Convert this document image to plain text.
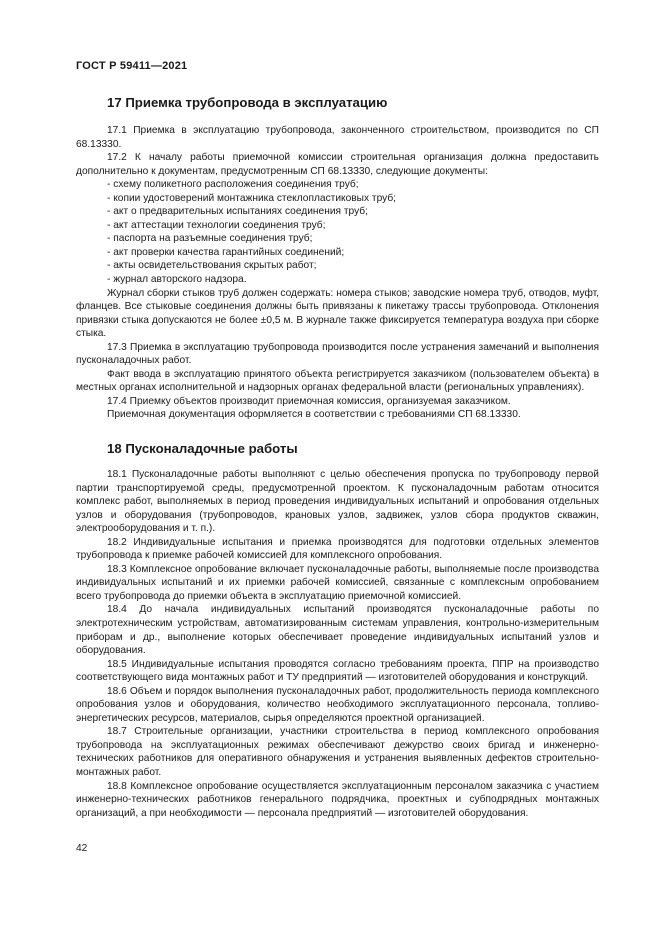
ГОСТ Р 59411—2021
17 Приемка трубопровода в эксплуатацию

17.1 Приемка в эксплуатацию трубопровода, законченного строительством, производится по СП 68.13330.

17.2 К началу работы приемочной комиссии строительная организация должна предоставить дополнительно к документам, предусмотренным СП 68.13330, следующие документы:

- схему поликетного расположения соединения труб;
- копии удостоверений монтажника стеклопластиковых труб;
- акт о предварительных испытаниях соединения труб;
- акт аттестации технологии соединения труб;
- паспорта на разъемные соединения труб;
- акт проверки качества гарантийных соединений;
- акты освидетельствования скрытых работ;
- журнал авторского надзора.

Журнал сборки стыков труб должен содержать: номера стыков; заводские номера труб, отводов, муфт, фланцев. Все стыковые соединения должны быть привязаны к пикетажу трассы трубопровода. Отклонения привязки стыка допускаются не более ±0,5 м. В журнале также фиксируется температура воздуха при сборке стыка.

17.3 Приемка в эксплуатацию трубопровода производится после устранения замечаний и выполнения пусконаладочных работ.

Факт ввода в эксплуатацию принятого объекта регистрируется заказчиком (пользователем объекта) в местных органах исполнительной и надзорных органах федеральной власти (региональных управлениях).

17.4 Приемку объектов производит приемочная комиссия, организуемая заказчиком.

Приемочная документация оформляется в соответствии с требованиями СП 68.13330.

18 Пусконаладочные работы

18.1 Пусконаладочные работы выполняют с целью обеспечения пропуска по трубопроводу первой партии транспортируемой среды, предусмотренной проектом. К пусконаладочным работам относится комплекс работ, выполняемых в период проведения индивидуальных испытаний и опробования отдельных узлов и оборудования (трубопроводов, крановых узлов, задвижек, узлов сбора продуктов скважин, электрооборудования и т. п.).

18.2 Индивидуальные испытания и приемка производятся для подготовки отдельных элементов трубопровода к приемке рабочей комиссией для комплексного опробования.

18.3 Комплексное опробование включает пусконаладочные работы, выполняемые после производства индивидуальных испытаний и их приемки рабочей комиссией, связанные с комплексным опробованием всего трубопровода до приемки объекта в эксплуатацию приемочной комиссией.

18.4 До начала индивидуальных испытаний производятся пусконаладочные работы по электротехническим устройствам, автоматизированным системам управления, контрольно-измерительным приборам и др., выполнение которых обеспечивает проведение индивидуальных испытаний узлов и оборудования.

18.5 Индивидуальные испытания проводятся согласно требованиям проекта, ППР на производство соответствующего вида монтажных работ и ТУ предприятий — изготовителей оборудования и конструкций.

18.6 Объем и порядок выполнения пусконаладочных работ, продолжительность периода комплексного опробования узлов и оборудования, количество необходимого эксплуатационного персонала, топливо-энергетических ресурсов, материалов, сырья определяются проектной организацией.

18.7 Строительные организации, участники строительства в период комплексного опробования трубопровода на эксплуатационных режимах обеспечивают дежурство своих бригад и инженерно-технических работников для оперативного обнаружения и устранения выявленных дефектов строительно-монтажных работ.

18.8 Комплексное опробование осуществляется эксплуатационным персоналом заказчика с участием инженерно-технических работников генерального подрядчика, проектных и субподрядных монтажных организаций, а при необходимости — персонала предприятий — изготовителей оборудования.

42
